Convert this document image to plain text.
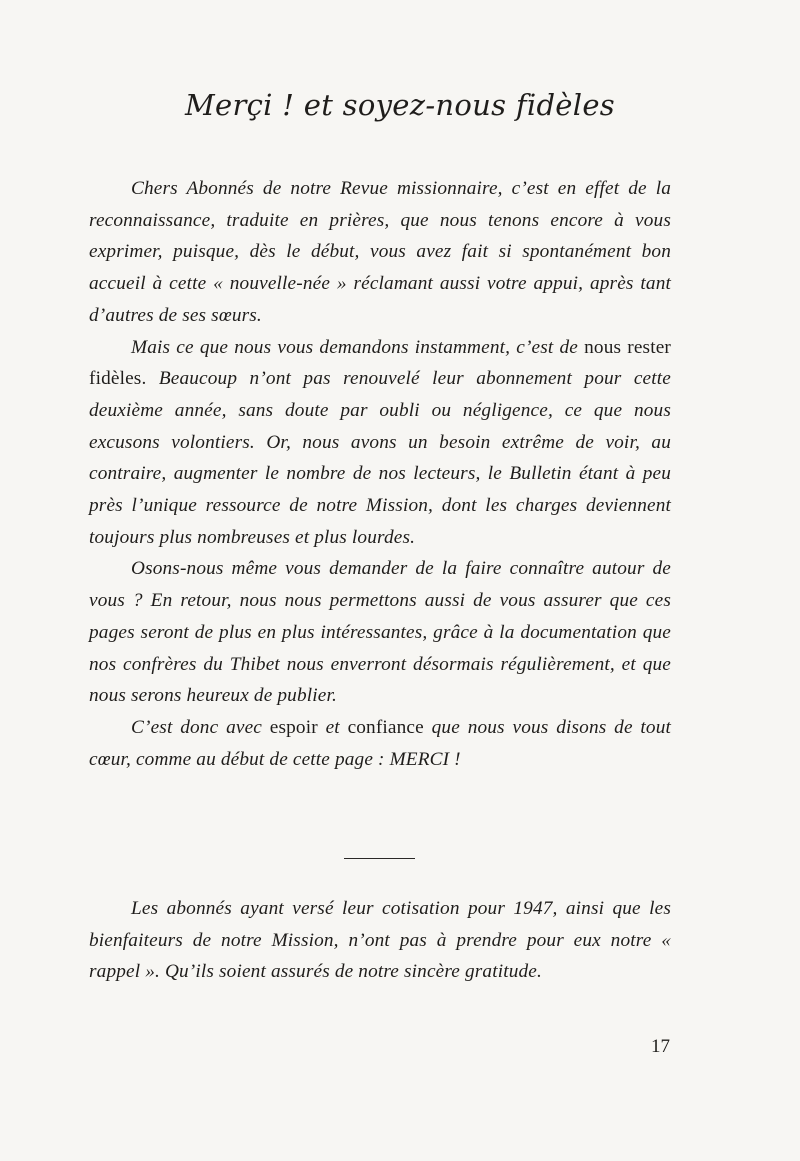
Merçi ! et soyez-nous fidèles

Chers Abonnés de notre Revue missionnaire, c’est en effet de la reconnaissance, traduite en prières, que nous tenons encore à vous exprimer, puisque, dès le début, vous avez fait si spontanément bon accueil à cette « nouvelle-née » réclamant aussi votre appui, après tant d’autres de ses sœurs.

Mais ce que nous vous demandons instamment, c’est de nous rester fidèles. Beaucoup n’ont pas renouvelé leur abonnement pour cette deuxième année, sans doute par oubli ou négligence, ce que nous excusons volontiers. Or, nous avons un besoin extrême de voir, au contraire, augmenter le nombre de nos lecteurs, le Bulletin étant à peu près l’unique ressource de notre Mission, dont les charges deviennent toujours plus nombreuses et plus lourdes.

Osons-nous même vous demander de la faire connaître autour de vous ? En retour, nous nous permettons aussi de vous assurer que ces pages seront de plus en plus intéressantes, grâce à la documentation que nos confrères du Thibet nous enverront désormais régulièrement, et que nous serons heureux de publier.

C’est donc avec espoir et confiance que nous vous disons de tout cœur, comme au début de cette page : MERCI !

Les abonnés ayant versé leur cotisation pour 1947, ainsi que les bienfaiteurs de notre Mission, n’ont pas à prendre pour eux notre « rappel ». Qu’ils soient assurés de notre sincère gratitude.

17
